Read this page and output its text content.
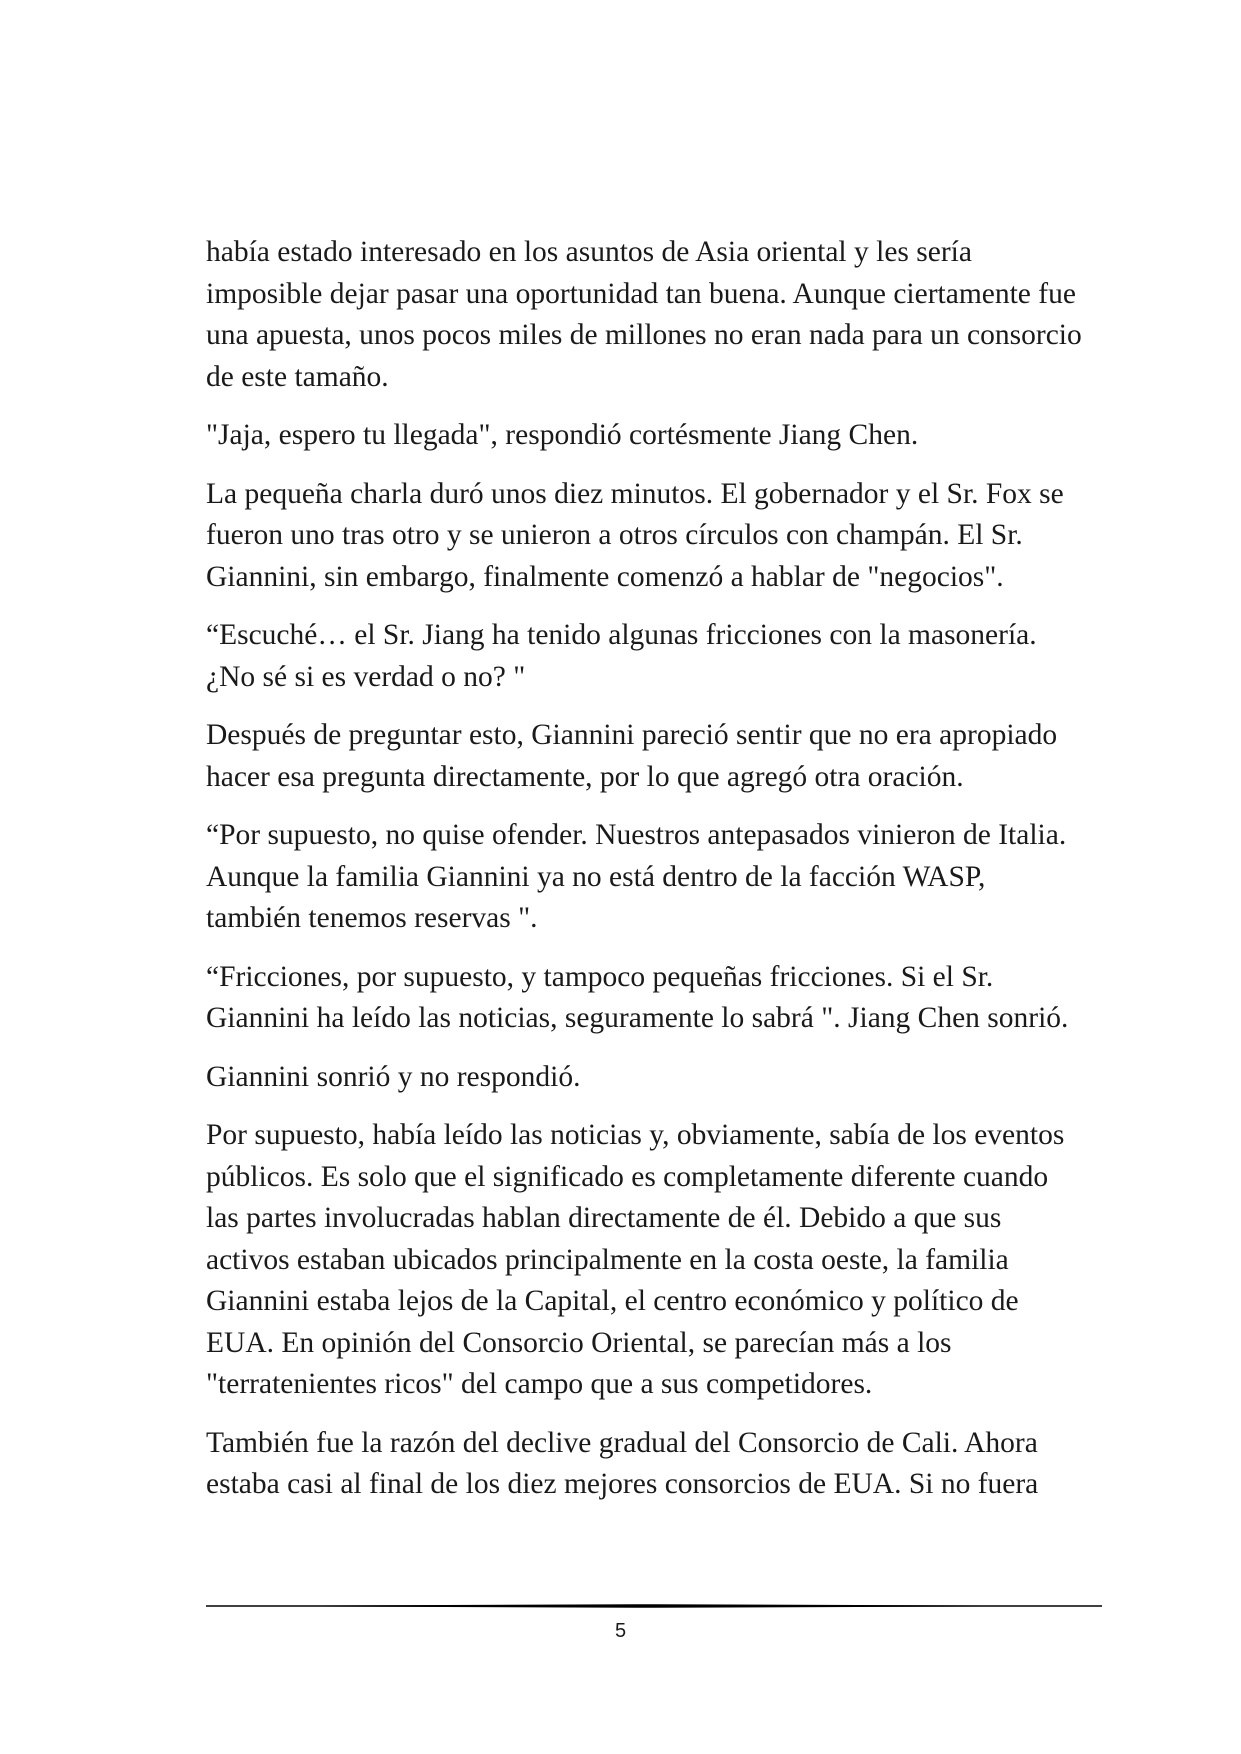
había estado interesado en los asuntos de Asia oriental y les sería imposible dejar pasar una oportunidad tan buena. Aunque ciertamente fue una apuesta, unos pocos miles de millones no eran nada para un consorcio de este tamaño.

"Jaja, espero tu llegada", respondió cortésmente Jiang Chen.

La pequeña charla duró unos diez minutos. El gobernador y el Sr. Fox se fueron uno tras otro y se unieron a otros círculos con champán. El Sr. Giannini, sin embargo, finalmente comenzó a hablar de "negocios".

“Escuché… el Sr. Jiang ha tenido algunas fricciones con la masonería. ¿No sé si es verdad o no? "

Después de preguntar esto, Giannini pareció sentir que no era apropiado hacer esa pregunta directamente, por lo que agregó otra oración.

“Por supuesto, no quise ofender. Nuestros antepasados vinieron de Italia. Aunque la familia Giannini ya no está dentro de la facción WASP, también tenemos reservas ".

“Fricciones, por supuesto, y tampoco pequeñas fricciones. Si el Sr. Giannini ha leído las noticias, seguramente lo sabrá ". Jiang Chen sonrió.

Giannini sonrió y no respondió.

Por supuesto, había leído las noticias y, obviamente, sabía de los eventos públicos. Es solo que el significado es completamente diferente cuando las partes involucradas hablan directamente de él. Debido a que sus activos estaban ubicados principalmente en la costa oeste, la familia Giannini estaba lejos de la Capital, el centro económico y político de EUA. En opinión del Consorcio Oriental, se parecían más a los "terratenientes ricos" del campo que a sus competidores.

También fue la razón del declive gradual del Consorcio de Cali. Ahora estaba casi al final de los diez mejores consorcios de EUA. Si no fuera

5
